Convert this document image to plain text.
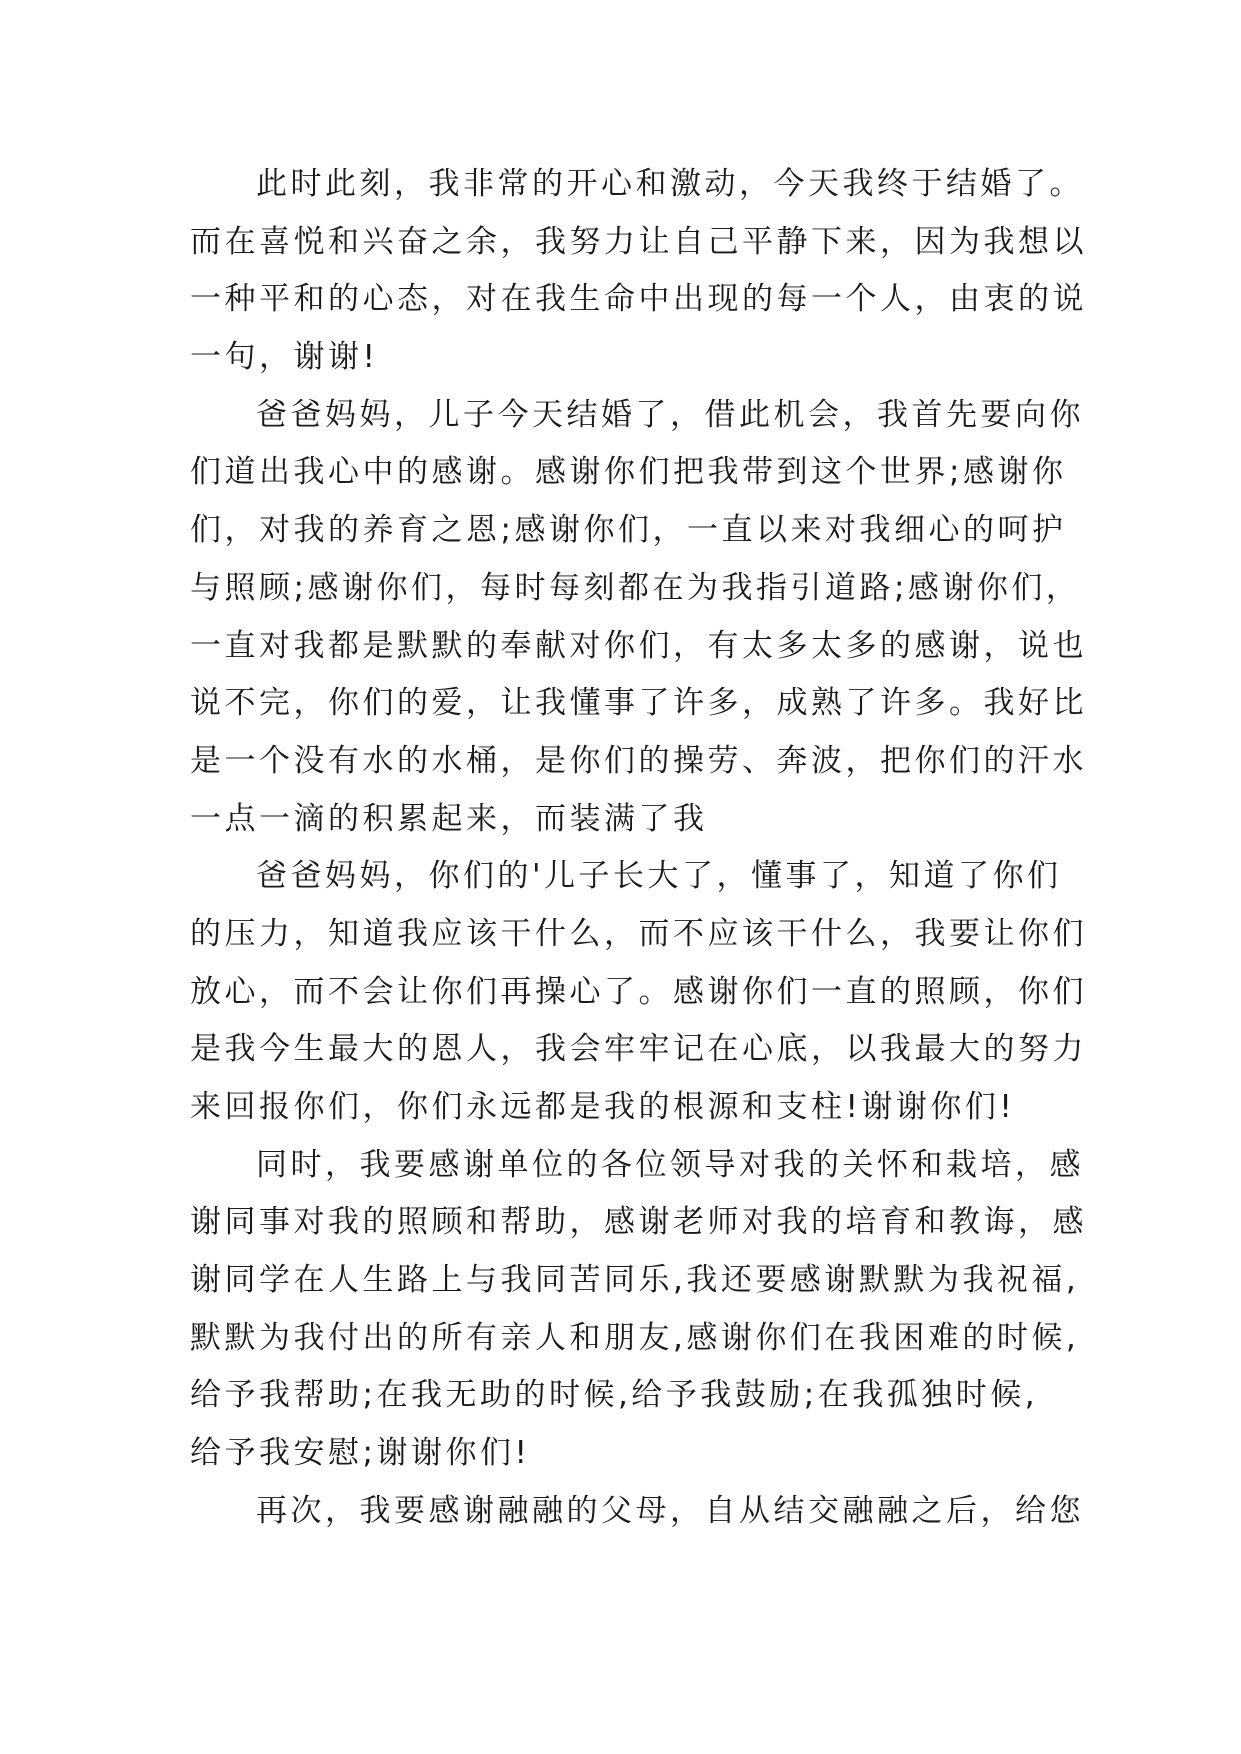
此时此刻，我非常的开心和激动，今天我终于结婚了。
而在喜悦和兴奋之余，我努力让自己平静下来，因为我想以
一种平和的心态，对在我生命中出现的每一个人，由衷的说
一句，谢谢!
爸爸妈妈，儿子今天结婚了，借此机会，我首先要向你
们道出我心中的感谢。感谢你们把我带到这个世界;感谢你
们，对我的养育之恩;感谢你们，一直以来对我细心的呵护
与照顾;感谢你们，每时每刻都在为我指引道路;感谢你们，
一直对我都是默默的奉献对你们，有太多太多的感谢，说也
说不完，你们的爱，让我懂事了许多，成熟了许多。我好比
是一个没有水的水桶，是你们的操劳、奔波，把你们的汗水
一点一滴的积累起来，而装满了我
爸爸妈妈，你们的'儿子长大了，懂事了，知道了你们
的压力，知道我应该干什么，而不应该干什么，我要让你们
放心，而不会让你们再操心了。感谢你们一直的照顾，你们
是我今生最大的恩人，我会牢牢记在心底，以我最大的努力
来回报你们，你们永远都是我的根源和支柱!谢谢你们!
同时，我要感谢单位的各位领导对我的关怀和栽培，感
谢同事对我的照顾和帮助，感谢老师对我的培育和教诲，感
谢同学在人生路上与我同苦同乐,我还要感谢默默为我祝福,
默默为我付出的所有亲人和朋友,感谢你们在我困难的时候,
给予我帮助;在我无助的时候,给予我鼓励;在我孤独时候,
给予我安慰;谢谢你们!
再次，我要感谢融融的父母，自从结交融融之后，给您
